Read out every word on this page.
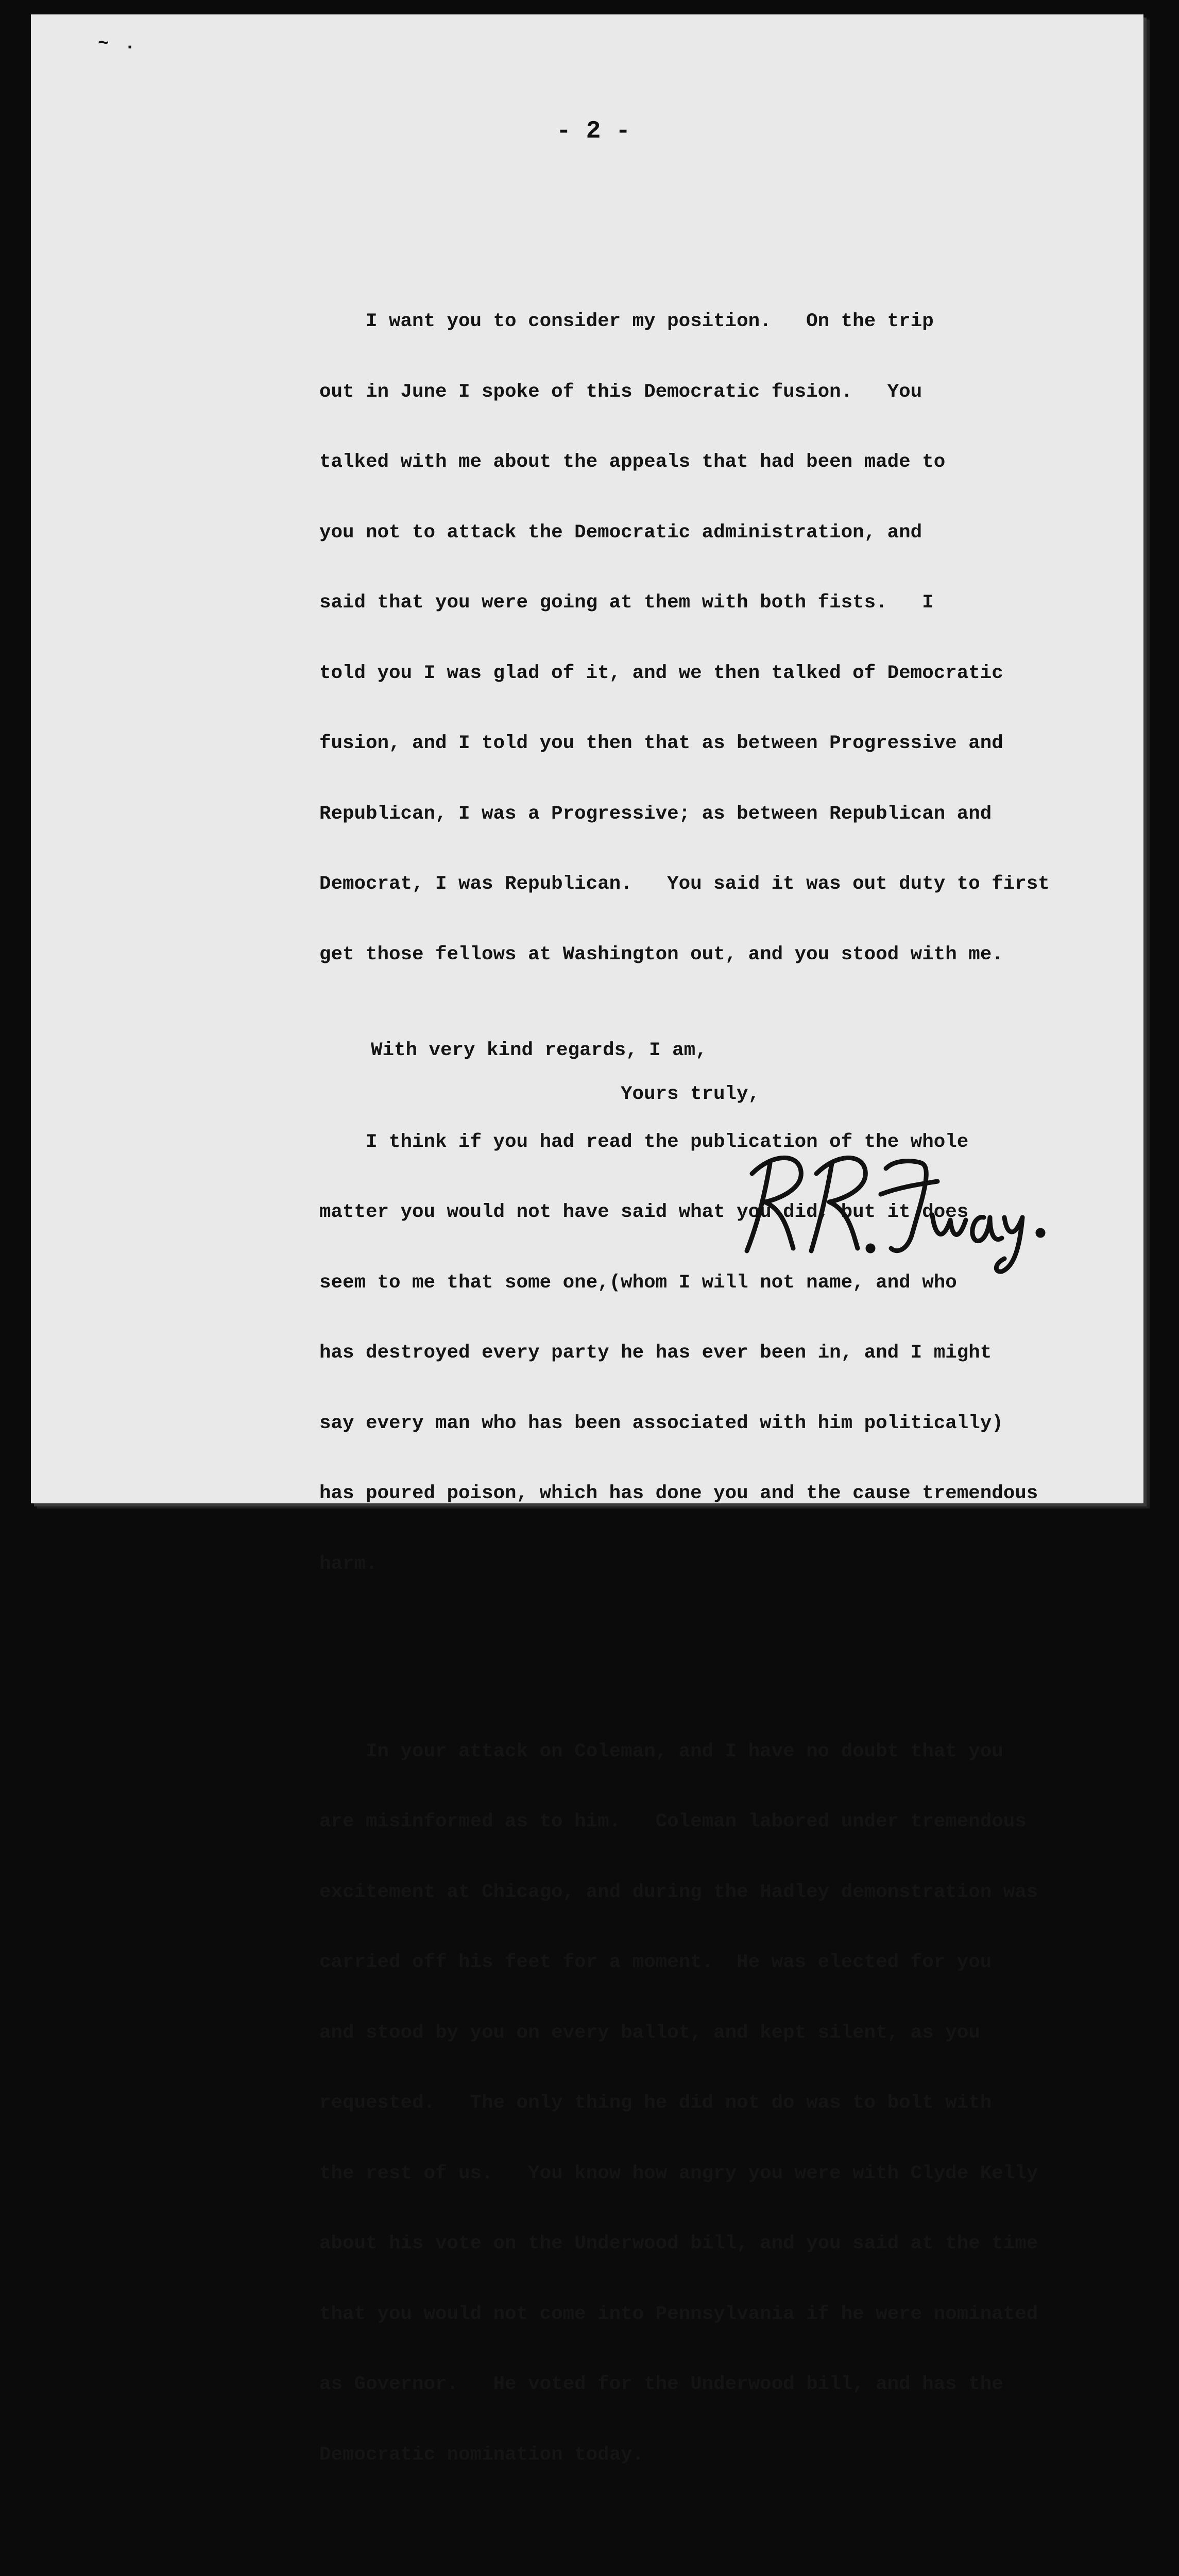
~ .
- 2 -

I want you to consider my position.   On the trip

out in June I spoke of this Democratic fusion.   You

talked with me about the appeals that had been made to

you not to attack the Democratic administration, and

said that you were going at them with both fists.   I

told you I was glad of it, and we then talked of Democratic

fusion, and I told you then that as between Progressive and

Republican, I was a Progressive; as between Republican and

Democrat, I was Republican.   You said it was out duty to first

get those fellows at Washington out, and you stood with me.

I think if you had read the publication of the whole

matter you would not have said what you did, but it does

seem to me that some one,(whom I will not name, and who

has destroyed every party he has ever been in, and I might

say every man who has been associated with him politically)

has poured poison, which has done you and the cause tremendous

harm.

In your attack on Coleman, and I have no doubt that you

are misinformed as to him.   Coleman labored under tremendous

excitement at Chicago, and during the Hadley demonstration was

carried off his feet for a moment.  He was elected for you

and stood by you on every ballot, and kept silent, as you

requested.   The only thing he did not do was to bolt with

the rest of us.   You know how angry you were with Clyde Kelly

about his vote on the Underwood bill, and you said at the time

that you would not come into Pennsylvania if he were nominated

as Governor.   He voted for the Underwood bill, and has the

Democratic nomination today.

With very kind regards, I am,
Yours truly,
